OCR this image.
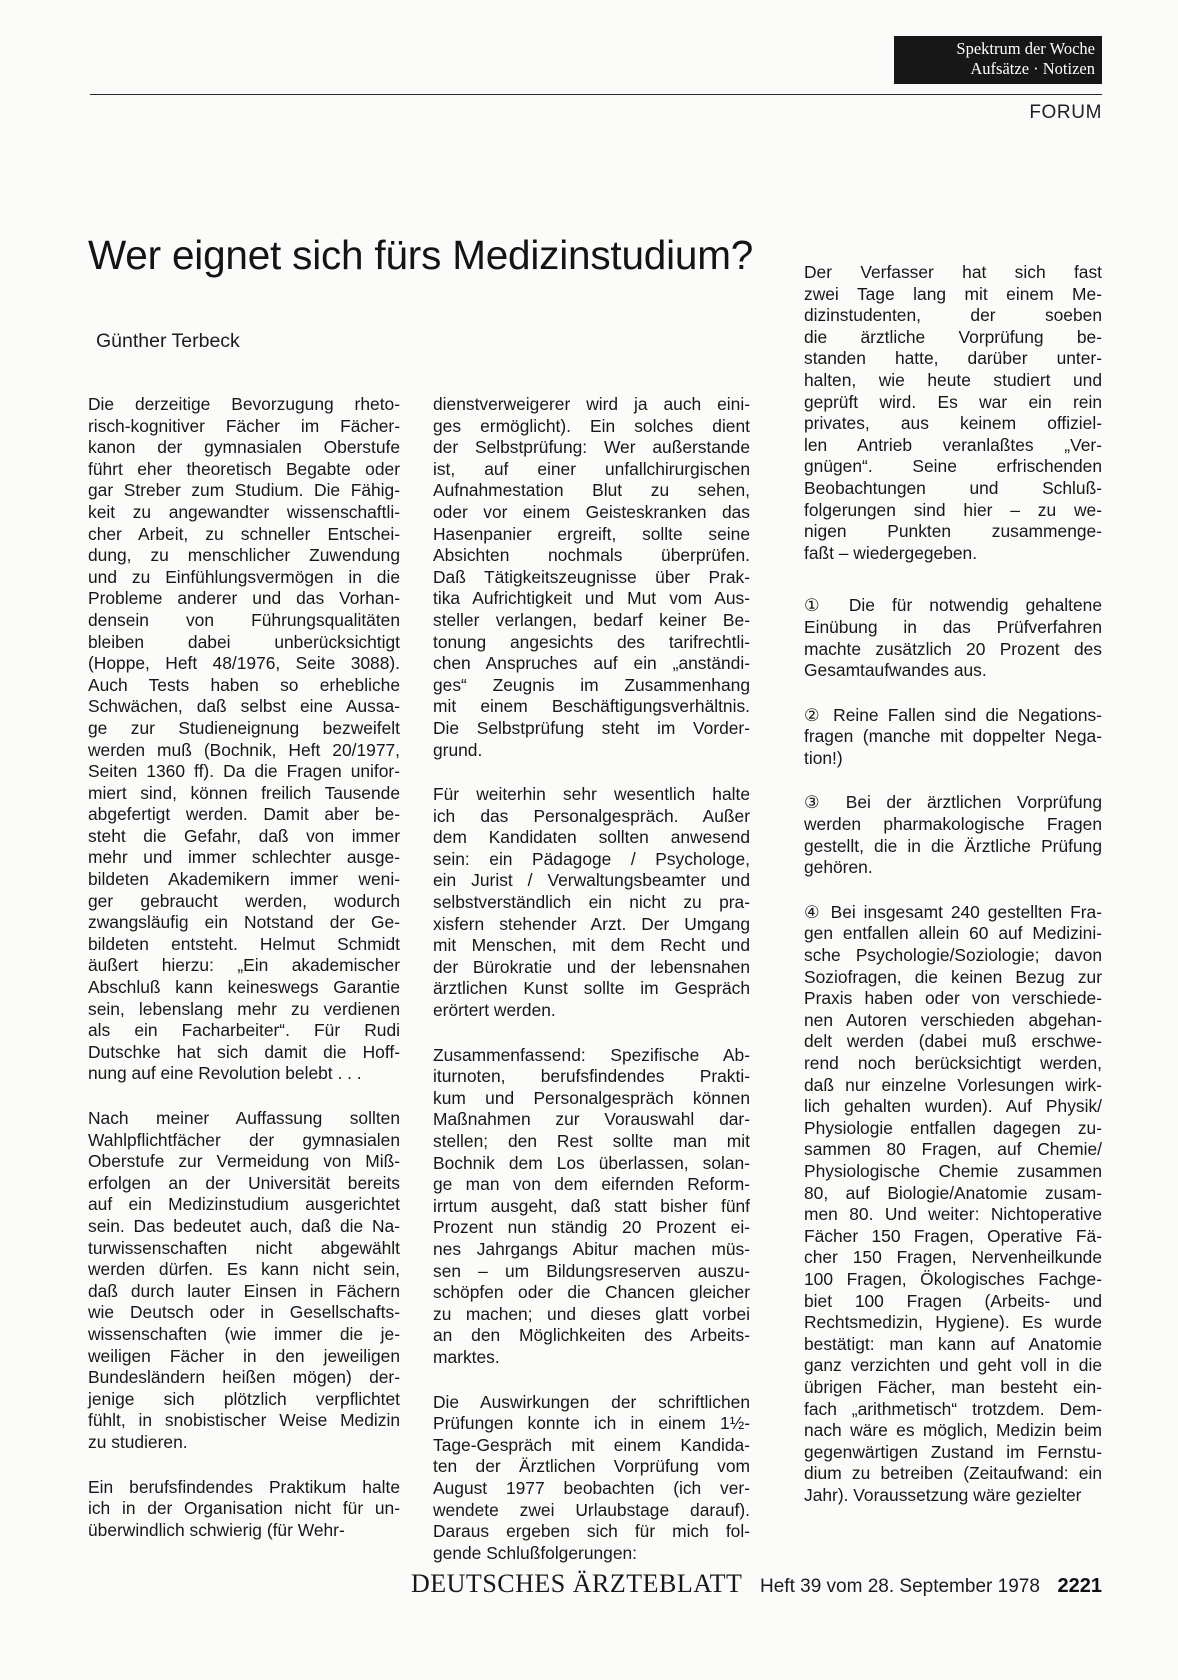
Spektrum der Woche
Aufsätze · Notizen
FORUM
Wer eignet sich fürs Medizinstudium?
Günther Terbeck

Die derzeitige Bevorzugung rheto-
risch-kognitiver Fächer im Fächer-
kanon der gymnasialen Oberstufe
führt eher theoretisch Begabte oder
gar Streber zum Studium. Die Fähig-
keit zu angewandter wissenschaftli-
cher Arbeit, zu schneller Entschei-
dung, zu menschlicher Zuwendung
und zu Einfühlungsvermögen in die
Probleme anderer und das Vorhan-
densein von Führungsqualitäten
bleiben dabei unberücksichtigt
(Hoppe, Heft 48/1976, Seite 3088).
Auch Tests haben so erhebliche
Schwächen, daß selbst eine Aussa-
ge zur Studieneignung bezweifelt
werden muß (Bochnik, Heft 20/1977,
Seiten 1360 ff). Da die Fragen unifor-
miert sind, können freilich Tausende
abgefertigt werden. Damit aber be-
steht die Gefahr, daß von immer
mehr und immer schlechter ausge-
bildeten Akademikern immer weni-
ger gebraucht werden, wodurch
zwangsläufig ein Notstand der Ge-
bildeten entsteht. Helmut Schmidt
äußert hierzu: „Ein akademischer
Abschluß kann keineswegs Garantie
sein, lebenslang mehr zu verdienen
als ein Facharbeiter“. Für Rudi
Dutschke hat sich damit die Hoff-
nung auf eine Revolution belebt . . .

Nach meiner Auffassung sollten
Wahlpflichtfächer der gymnasialen
Oberstufe zur Vermeidung von Miß-
erfolgen an der Universität bereits
auf ein Medizinstudium ausgerichtet
sein. Das bedeutet auch, daß die Na-
turwissenschaften nicht abgewählt
werden dürfen. Es kann nicht sein,
daß durch lauter Einsen in Fächern
wie Deutsch oder in Gesellschafts-
wissenschaften (wie immer die je-
weiligen Fächer in den jeweiligen
Bundesländern heißen mögen) der-
jenige sich plötzlich verpflichtet
fühlt, in snobistischer Weise Medizin
zu studieren.

Ein berufsfindendes Praktikum halte
ich in der Organisation nicht für un-
überwindlich schwierig (für Wehr-

dienstverweigerer wird ja auch eini-
ges ermöglicht). Ein solches dient
der Selbstprüfung: Wer außerstande
ist, auf einer unfallchirurgischen
Aufnahmestation Blut zu sehen,
oder vor einem Geisteskranken das
Hasenpanier ergreift, sollte seine
Absichten nochmals überprüfen.
Daß Tätigkeitszeugnisse über Prak-
tika Aufrichtigkeit und Mut vom Aus-
steller verlangen, bedarf keiner Be-
tonung angesichts des tarifrechtli-
chen Anspruches auf ein „anständi-
ges“ Zeugnis im Zusammenhang
mit einem Beschäftigungsverhältnis.
Die Selbstprüfung steht im Vorder-
grund.

Für weiterhin sehr wesentlich halte
ich das Personalgespräch. Außer
dem Kandidaten sollten anwesend
sein: ein Pädagoge / Psychologe,
ein Jurist / Verwaltungsbeamter und
selbstverständlich ein nicht zu pra-
xisfern stehender Arzt. Der Umgang
mit Menschen, mit dem Recht und
der Bürokratie und der lebensnahen
ärztlichen Kunst sollte im Gespräch
erörtert werden.

Zusammenfassend: Spezifische Ab-
iturnoten, berufsfindendes Prakti-
kum und Personalgespräch können
Maßnahmen zur Vorauswahl dar-
stellen; den Rest sollte man mit
Bochnik dem Los überlassen, solan-
ge man von dem eifernden Reform-
irrtum ausgeht, daß statt bisher fünf
Prozent nun ständig 20 Prozent ei-
nes Jahrgangs Abitur machen müs-
sen – um Bildungsreserven auszu-
schöpfen oder die Chancen gleicher
zu machen; und dieses glatt vorbei
an den Möglichkeiten des Arbeits-
marktes.

Die Auswirkungen der schriftlichen
Prüfungen konnte ich in einem 1½-
Tage-Gespräch mit einem Kandida-
ten der Ärztlichen Vorprüfung vom
August 1977 beobachten (ich ver-
wendete zwei Urlaubstage darauf).
Daraus ergeben sich für mich fol-
gende Schlußfolgerungen:

Der Verfasser hat sich fast
zwei Tage lang mit einem Me-
dizinstudenten, der soeben
die ärztliche Vorprüfung be-
standen hatte, darüber unter-
halten, wie heute studiert und
geprüft wird. Es war ein rein
privates, aus keinem offiziel-
len Antrieb veranlaßtes „Ver-
gnügen“. Seine erfrischenden
Beobachtungen und Schluß-
folgerungen sind hier – zu we-
nigen Punkten zusammenge-
faßt – wiedergegeben.

① Die für notwendig gehaltene
Einübung in das Prüfverfahren
machte zusätzlich 20 Prozent des
Gesamtaufwandes aus.

② Reine Fallen sind die Negations-
fragen (manche mit doppelter Nega-
tion!)

③ Bei der ärztlichen Vorprüfung
werden pharmakologische Fragen
gestellt, die in die Ärztliche Prüfung
gehören.

④ Bei insgesamt 240 gestellten Fra-
gen entfallen allein 60 auf Medizini-
sche Psychologie/Soziologie; davon
Soziofragen, die keinen Bezug zur
Praxis haben oder von verschiede-
nen Autoren verschieden abgehan-
delt werden (dabei muß erschwe-
rend noch berücksichtigt werden,
daß nur einzelne Vorlesungen wirk-
lich gehalten wurden). Auf Physik/
Physiologie entfallen dagegen zu-
sammen 80 Fragen, auf Chemie/
Physiologische Chemie zusammen
80, auf Biologie/Anatomie zusam-
men 80. Und weiter: Nichtoperative
Fächer 150 Fragen, Operative Fä-
cher 150 Fragen, Nervenheilkunde
100 Fragen, Ökologisches Fachge-
biet 100 Fragen (Arbeits- und
Rechtsmedizin, Hygiene). Es wurde
bestätigt: man kann auf Anatomie
ganz verzichten und geht voll in die
übrigen Fächer, man besteht ein-
fach „arithmetisch“ trotzdem. Dem-
nach wäre es möglich, Medizin beim
gegenwärtigen Zustand im Fernstu-
dium zu betreiben (Zeitaufwand: ein
Jahr). Voraussetzung wäre gezielter

DEUTSCHES ÄRZTEBLATT Heft 39 vom 28. September 1978 2221
